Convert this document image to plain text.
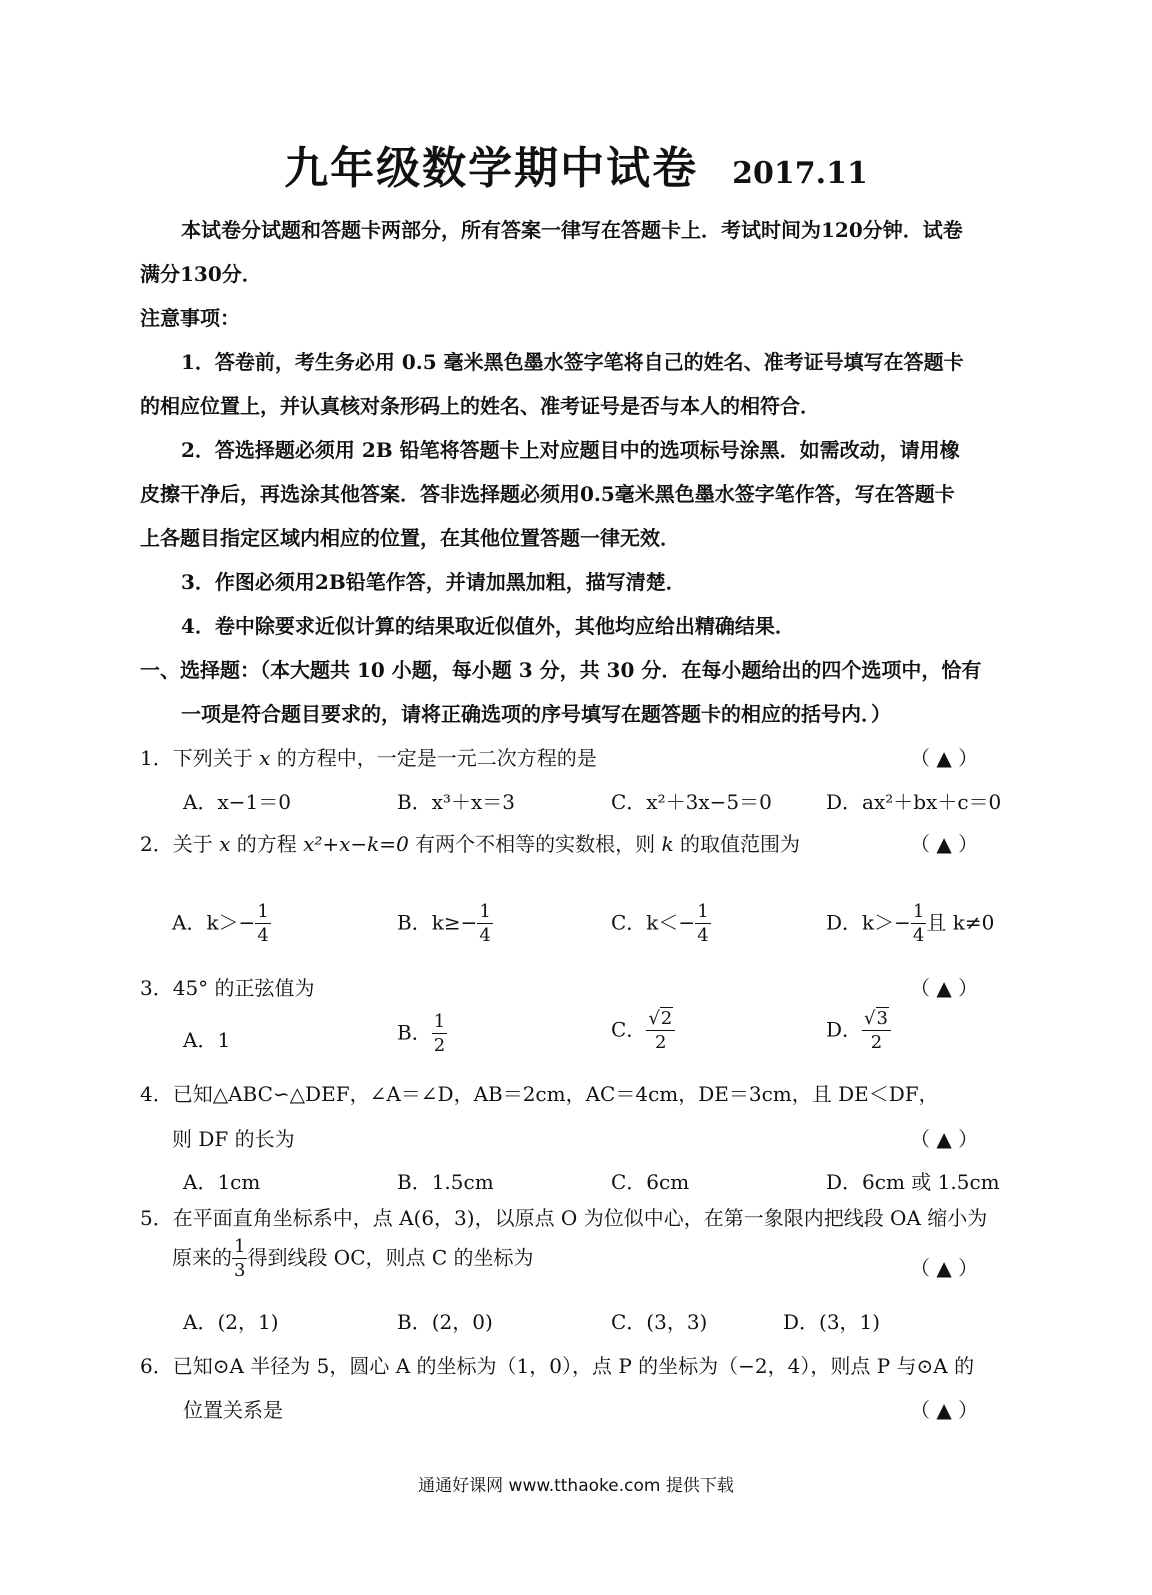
九年级数学期中试卷 2017.11
本试卷分试题和答题卡两部分，所有答案一律写在答题卡上．考试时间为120分钟．试卷
满分130分．
注意事项：
1．答卷前，考生务必用 0.5 毫米黑色墨水签字笔将自己的姓名、准考证号填写在答题卡
的相应位置上，并认真核对条形码上的姓名、准考证号是否与本人的相符合．
2．答选择题必须用 2B 铅笔将答题卡上对应题目中的选项标号涂黑．如需改动，请用橡
皮擦干净后，再选涂其他答案．答非选择题必须用0.5毫米黑色墨水签字笔作答，写在答题卡
上各题目指定区域内相应的位置，在其他位置答题一律无效．
3．作图必须用2B铅笔作答，并请加黑加粗，描写清楚．
4．卷中除要求近似计算的结果取近似值外，其他均应给出精确结果．
一、选择题：（本大题共 10 小题，每小题 3 分，共 30 分．在每小题给出的四个选项中，恰有
一项是符合题目要求的，请将正确选项的序号填写在题答题卡的相应的括号内．）
1．下列关于 x 的方程中，一定是一元二次方程的是	（ ▲ ）
A．x−1＝0	B．x³＋x＝3	C．x²＋3x−5＝0	D．ax²＋bx＋c＝0
2．关于 x 的方程 x²+x−k=0 有两个不相等的实数根，则 k 的取值范围为	（ ▲ ）
A．$k>- \frac{1}{4}$	B．$k\ge- \frac{1}{4}$	C．$k<- \frac{1}{4}$	D．$k>- \frac{1}{4}$ 且 k≠0
3．45° 的正弦值为	（ ▲ ）
A．1	B． $\frac{1}{2}$	C． $\frac{√2}{2}$	D． $\frac{√3}{2}$
4．已知△ABC∽△DEF，∠A＝∠D，AB＝2cm，AC＝4cm，DE＝3cm，且 DE＜DF，
则 DF 的长为	（ ▲ ）
A．1cm	B．1.5cm	C．6cm	D．6cm 或 1.5cm
5．在平面直角坐标系中，点 A(6，3)，以原点 O 为位似中心，在第一象限内把线段 OA 缩小为
原来的 $\frac{1}{3}$ 得到线段 OC，则点 C 的坐标为	（ ▲ ）
A．(2，1)	B．(2，0)	C．(3，3)	D．(3，1)
6．已知⊙A 半径为 5，圆心 A 的坐标为（1，0），点 P 的坐标为（−2，4），则点 P 与⊙A 的
位置关系是	（ ▲ ）
通通好课网 www.tthaoke.com 提供下载
